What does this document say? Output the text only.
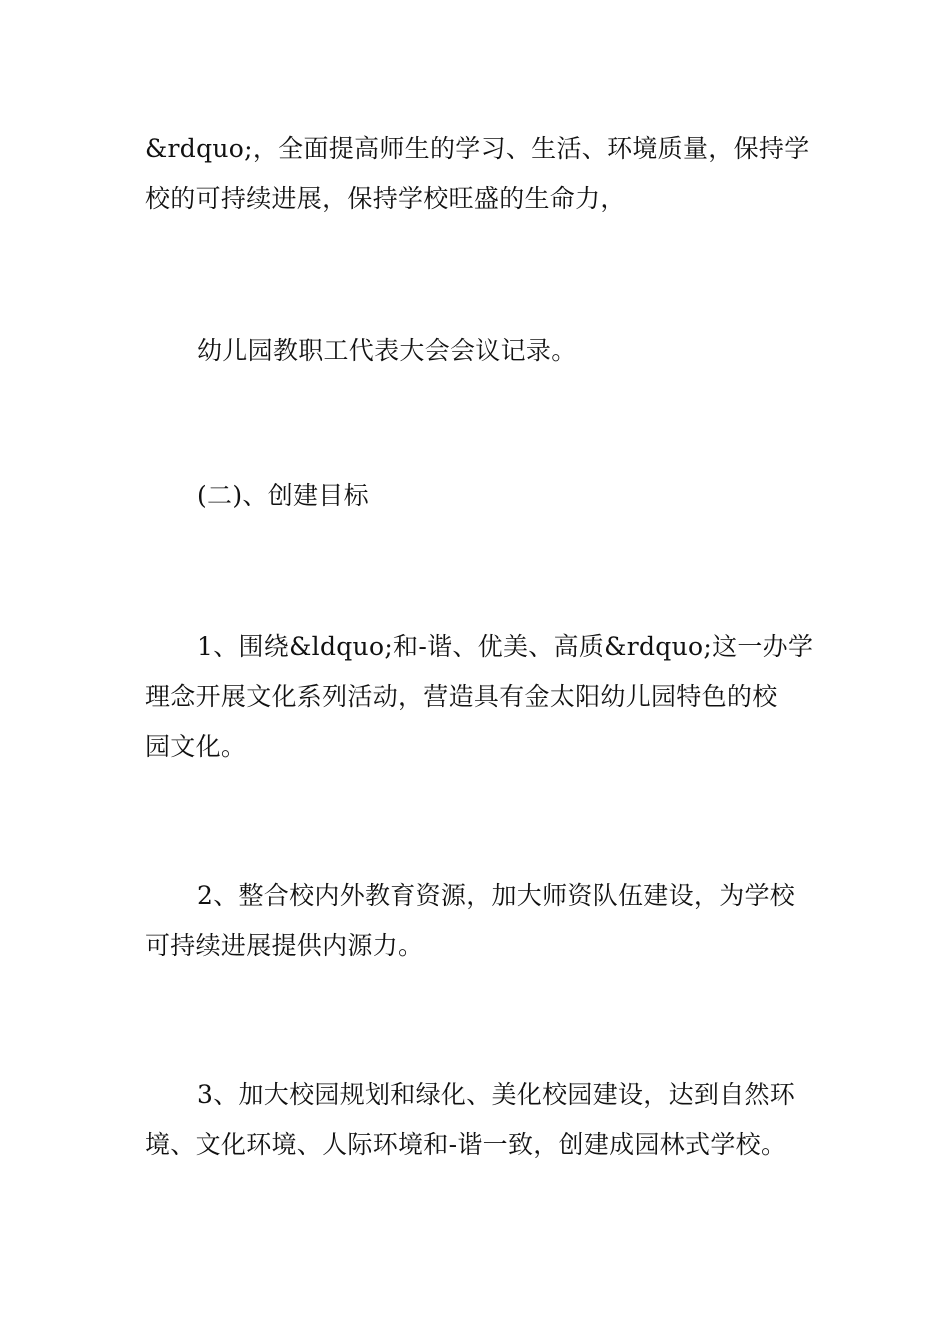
&rdquo;，全面提高师生的学习、生活、环境质量，保持学
校的可持续进展，保持学校旺盛的生命力，

幼儿园教职工代表大会会议记录。

(二)、创建目标

1、围绕&ldquo;和-谐、优美、高质&rdquo;这一办学
理念开展文化系列活动，营造具有金太阳幼儿园特色的校
园文化。

2、整合校内外教育资源，加大师资队伍建设，为学校
可持续进展提供内源力。

3、加大校园规划和绿化、美化校园建设，达到自然环
境、文化环境、人际环境和-谐一致，创建成园林式学校。
